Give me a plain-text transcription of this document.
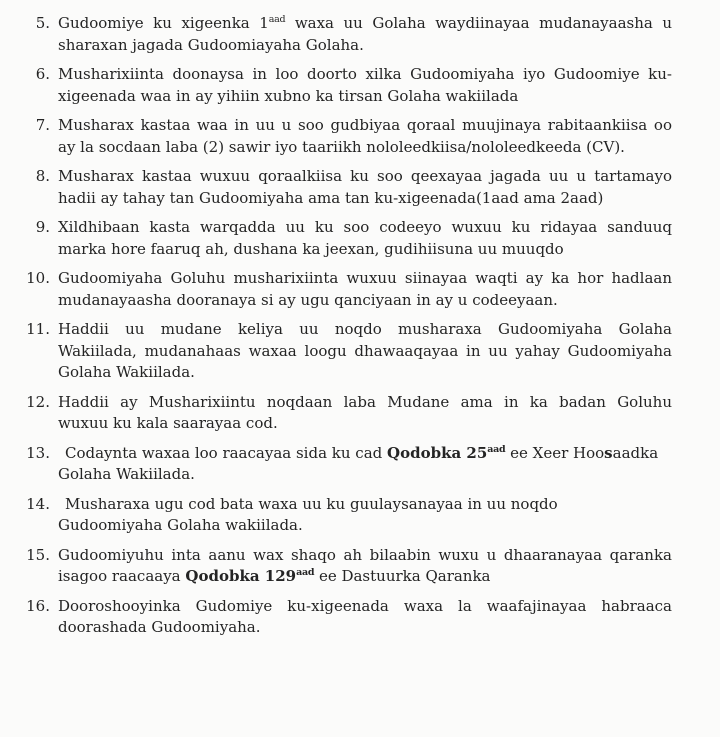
5. Gudoomiye ku xigeenka $1^{aad}$ waxa uu Golaha waydiinayaa mudanayaasha u
sharaxan jagada Gudoomiayaha Golaha.
6. Musharixiinta doonaysa in loo doorto xilka Gudoomiyaha iyo Gudoomiye ku-
xigeenada waa in ay yihiin xubno ka tirsan Golaha wakiilada
7. Musharax kastaa waa in uu u soo gudbiyaa qoraal muujinaya rabitaankiisa oo
ay la socdaan laba (2) sawir iyo taariikh nololeedkiisa/nololeedkeeda (CV).
8. Musharax kastaa wuxuu qoraalkiisa ku soo qeexayaa jagada uu u tartamayo
hadii ay tahay tan Gudoomiyaha ama tan ku-xigeenada(1aad ama 2aad)
9. Xildhibaan kasta warqadda uu ku soo codeeyo wuxuu ku ridayaa sanduuq
marka hore faaruq ah, dushana ka jeexan, gudihiisuna uu muuqdo
10. Gudoomiyaha Goluhu musharixiinta wuxuu siinayaa waqti ay ka hor hadlaan
mudanayaasha dooranaya si ay ugu qanciyaan in ay u codeeyaan.
11. Haddii uu mudane keliya uu noqdo musharaxa Gudoomiyaha Golaha
Wakiilada, mudanahaas waxaa loogu dhawaaqayaa in uu yahay Gudoomiyaha
Golaha Wakiilada.
12. Haddii ay Musharixiintu noqdaan laba Mudane ama in ka badan Goluhu
wuxuu ku kala saarayaa cod.
13.	Codaynta waxaa loo raacayaa sida ku cad Qodobka $25^{aad}$ ee Xeer Hoosaadka
Golaha Wakiilada.
14.	Musharaxa ugu cod bata waxa uu ku guulaysanayaa in uu noqdo
Gudoomiyaha Golaha wakiilada.
15. Gudoomiyuhu inta aanu wax shaqo ah bilaabin wuxu u dhaaranayaa qaranka
isagoo raacaaya Qodobka $129^{aad}$ ee Dastuurka Qaranka
16. Dooroshooyinka Gudomiye ku-xigeenada waxa la waafajinayaa habraaca
doorashada Gudoomiyaha.
